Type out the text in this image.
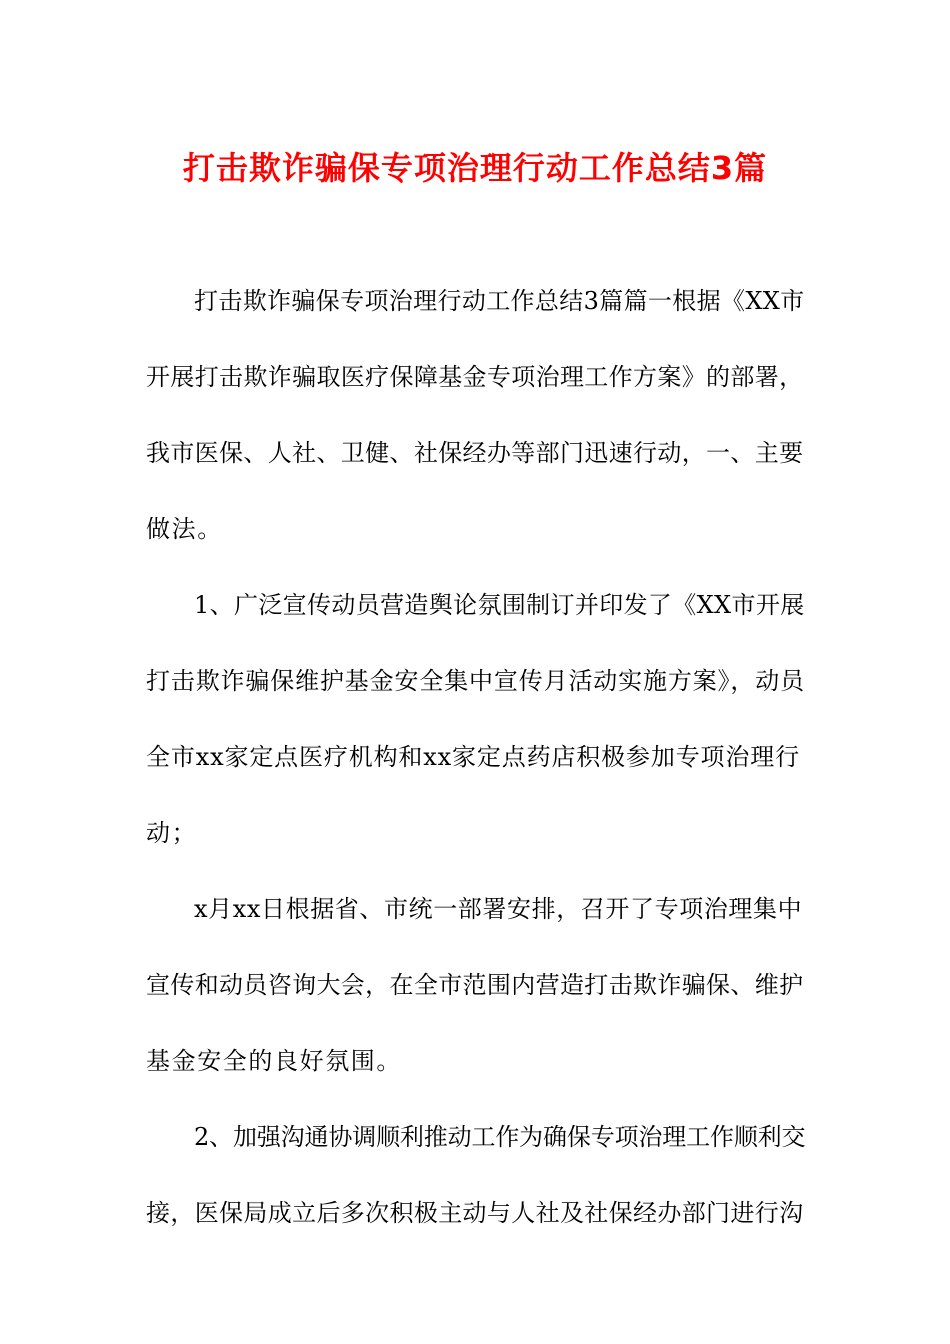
打击欺诈骗保专项治理行动工作总结3篇
打击欺诈骗保专项治理行动工作总结3篇篇一根据《XX市
开展打击欺诈骗取医疗保障基金专项治理工作方案》的部署，
我市医保、人社、卫健、社保经办等部门迅速行动，一、主要
做法。
1、广泛宣传动员营造舆论氛围制订并印发了《XX市开展
打击欺诈骗保维护基金安全集中宣传月活动实施方案》，动员
全市xx家定点医疗机构和xx家定点药店积极参加专项治理行
动；
x月xx日根据省、市统一部署安排，召开了专项治理集中
宣传和动员咨询大会，在全市范围内营造打击欺诈骗保、维护
基金安全的良好氛围。
2、加强沟通协调顺利推动工作为确保专项治理工作顺利交
接，医保局成立后多次积极主动与人社及社保经办部门进行沟
